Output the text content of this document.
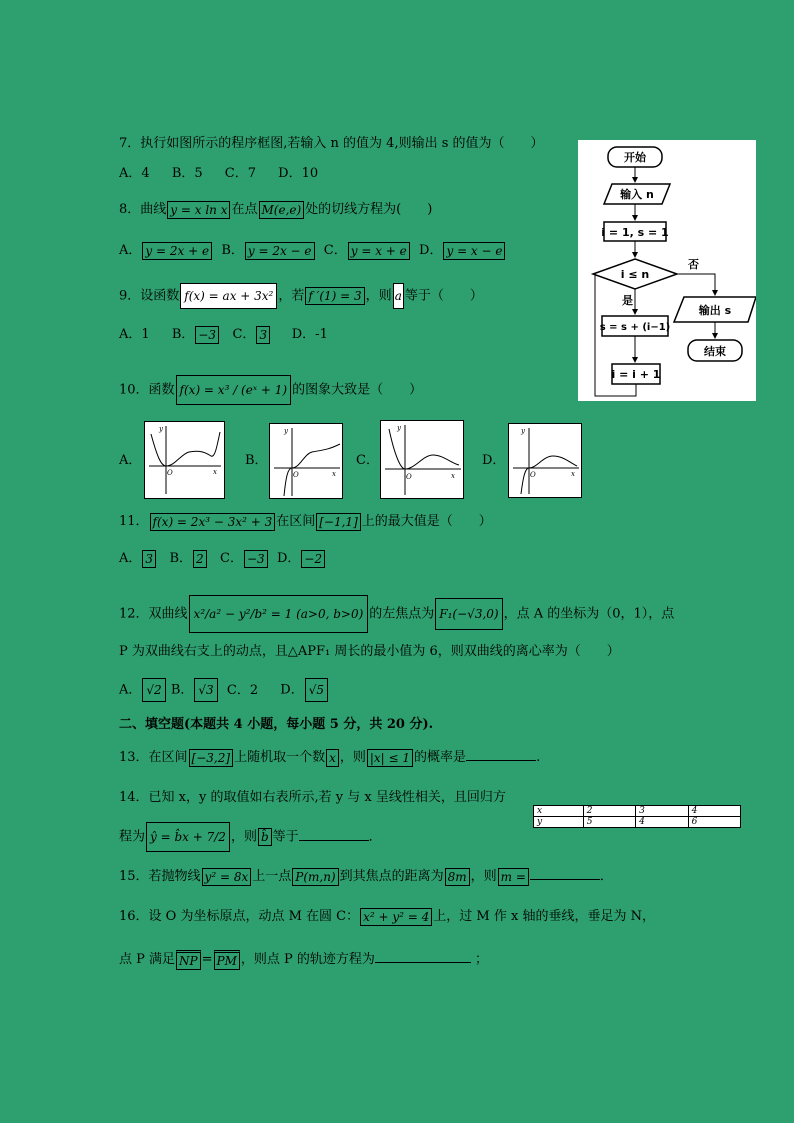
7．执行如图所示的程序框图,若输入 n 的值为 4,则输出 s 的值为（　　）
A．4 B．5 C．7 D．10
开始
输入 n
i = 1, s = 1
i ≤ n
否
输出 s
结束
是
s = s + (i−1)
i = i + 1
8．曲线 y = x ln x 在点 M(e,e) 处的切线方程为(　　)
A． y = 2x + e B． y = 2x − e C． y = x + e D． y = x − e
9．设函数 f(x) = ax + 3x² ，若 f ′(1) = 3 ，则 a 等于（　　）
A．1 B． −3 C． 3 D．-1
10．函数 f(x) = x³ / (eˣ + 1) 的图象大致是（　　）
A．
y
x
O
B．
y
x
O
C．
y
x
O
D．
y
x
O
11． f(x) = 2x³ − 3x² + 3 在区间 [−1,1] 上的最大值是（　　）
A． 3 B． 2 C． −3 D． −2
12．双曲线 x²/a² − y²/b² = 1 (a>0, b>0) 的左焦点为 F₁(−√3,0) ，点 A 的坐标为（0，1），点
P 为双曲线右支上的动点，且△APF₁ 周长的最小值为 6，则双曲线的离心率为（　　）
A． √2 B． √3 C．2 D． √5
二、填空题(本题共 4 小题，每小题 5 分，共 20 分).
13．在区间 [−3,2] 上随机取一个数 x ，则 |x| ≤ 1 的概率是	.
14．已知 x，y 的取值如右表所示,若 y 与 x 呈线性相关，且回归方
程为 ŷ = b̂x + 7/2 ，则 b̂ 等于	．
x	2	3	4
y	5	4	6
15．若抛物线 y² = 8x 上一点 P(m,n) 到其焦点的距离为 8m ，则 m =	．
16．设 O 为坐标原点，动点 M 在圆 C： x² + y² = 4 上，过 M 作 x 轴的垂线，垂足为 N，
点 P 满足 NP = PM ，则点 P 的轨迹方程为	；
